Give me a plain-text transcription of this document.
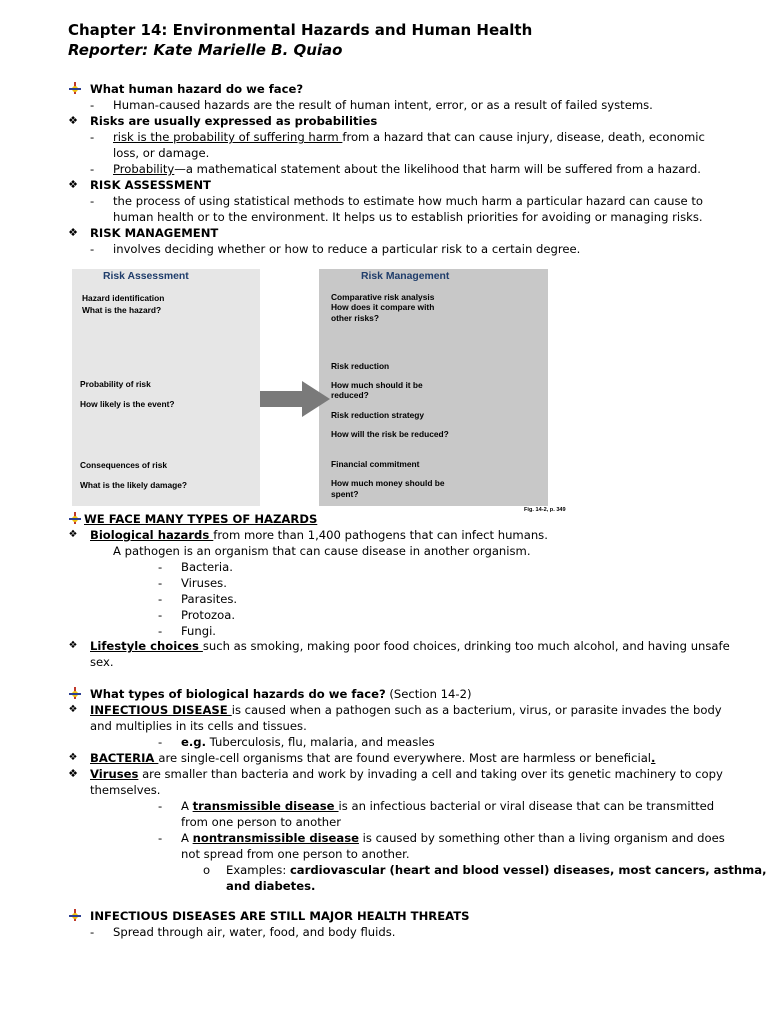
Chapter 14: Environmental Hazards and Human Health
Reporter: Kate Marielle B. Quiao
What human hazard do we face?
- Human-caused hazards are the result of human intent, error, or as a result of failed systems.
❖ Risks are usually expressed as probabilities
- risk is the probability of suffering harm from a hazard that can cause injury, disease, death, economic
loss, or damage.
- Probability—a mathematical statement about the likelihood that harm will be suffered from a hazard.
❖ RISK ASSESSMENT
- the process of using statistical methods to estimate how much harm a particular hazard can cause to
human health or to the environment. It helps us to establish priorities for avoiding or managing risks.
❖ RISK MANAGEMENT
- involves deciding whether or how to reduce a particular risk to a certain degree.
Risk Assessment	Risk Management
Hazard identification
What is the hazard?
Probability of risk
How likely is the event?
Consequences of risk
What is the likely damage?
Comparative risk analysis
How does it compare with
other risks?
Risk reduction
How much should it be
reduced?
Risk reduction strategy
How will the risk be reduced?
Financial commitment
How much money should be
spent?
Fig. 14-2, p. 349
WE FACE MANY TYPES OF HAZARDS
❖ Biological hazards from more than 1,400 pathogens that can infect humans.
A pathogen is an organism that can cause disease in another organism.
- Bacteria.
- Viruses.
- Parasites.
- Protozoa.
- Fungi.
❖ Lifestyle choices such as smoking, making poor food choices, drinking too much alcohol, and having unsafe
sex.
What types of biological hazards do we face? (Section 14-2)
❖ INFECTIOUS DISEASE is caused when a pathogen such as a bacterium, virus, or parasite invades the body
and multiplies in its cells and tissues.
- e.g. Tuberculosis, flu, malaria, and measles
❖ BACTERIA are single-cell organisms that are found everywhere. Most are harmless or beneficial.
❖ Viruses are smaller than bacteria and work by invading a cell and taking over its genetic machinery to copy
themselves.
- A transmissible disease is an infectious bacterial or viral disease that can be transmitted
from one person to another
- A nontransmissible disease is caused by something other than a living organism and does
not spread from one person to another.
o Examples: cardiovascular (heart and blood vessel) diseases, most cancers, asthma,
and diabetes.
INFECTIOUS DISEASES ARE STILL MAJOR HEALTH THREATS
- Spread through air, water, food, and body fluids.
